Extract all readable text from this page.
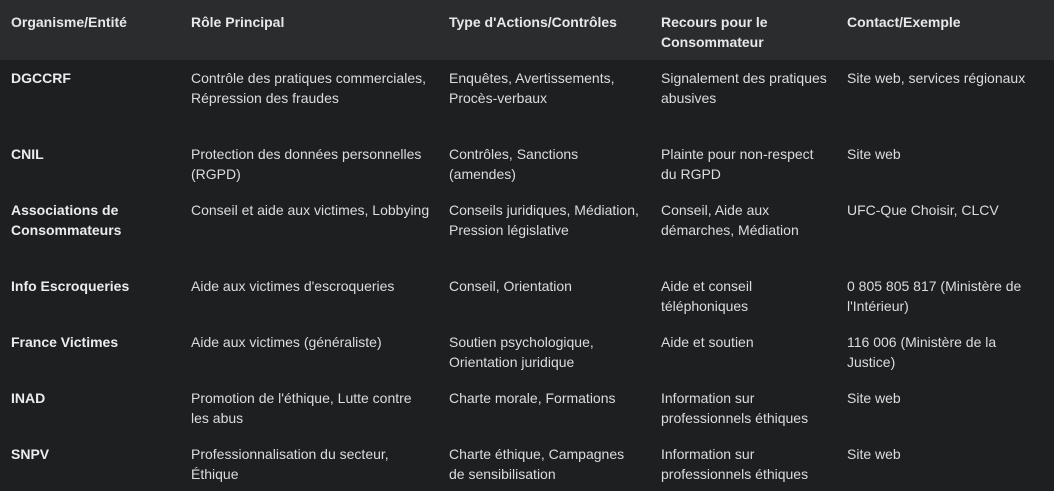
Organisme/Entité	Rôle Principal	Type d'Actions/Contrôles	Recours pour le Consommateur	Contact/Exemple
DGCCRF	Contrôle des pratiques commerciales, Répression des fraudes	Enquêtes, Avertissements, Procès-verbaux	Signalement des pratiques abusives	Site web, services régionaux
CNIL	Protection des données personnelles (RGPD)	Contrôles, Sanctions (amendes)	Plainte pour non-respect du RGPD	Site web
Associations de Consommateurs	Conseil et aide aux victimes, Lobbying	Conseils juridiques, Médiation, Pression législative	Conseil, Aide aux démarches, Médiation	UFC-Que Choisir, CLCV
Info Escroqueries	Aide aux victimes d'escroqueries	Conseil, Orientation	Aide et conseil téléphoniques	0 805 805 817 (Ministère de l'Intérieur)
France Victimes	Aide aux victimes (généraliste)	Soutien psychologique, Orientation juridique	Aide et soutien	116 006 (Ministère de la Justice)
INAD	Promotion de l'éthique, Lutte contre les abus	Charte morale, Formations	Information sur professionnels éthiques	Site web
SNPV	Professionnalisation du secteur, Éthique	Charte éthique, Campagnes de sensibilisation	Information sur professionnels éthiques	Site web
